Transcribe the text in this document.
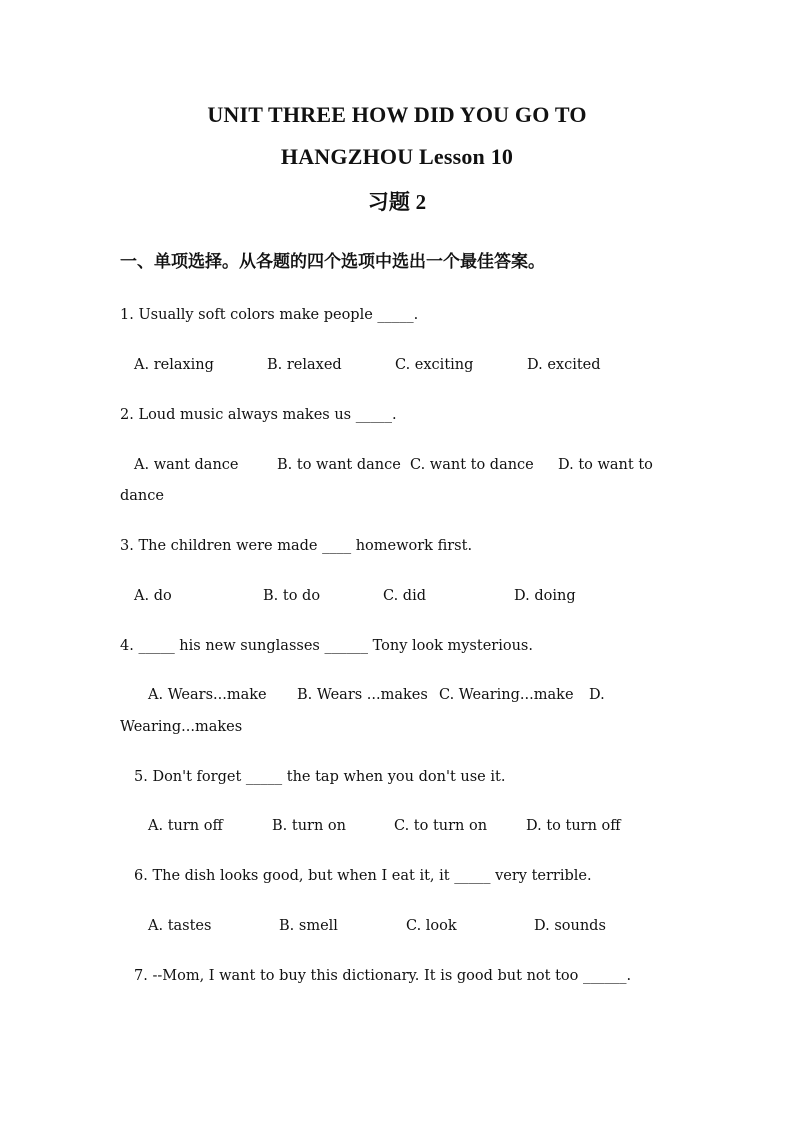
UNIT THREE HOW DID YOU GO TO
HANGZHOU Lesson 10
习题 2
一、单项选择。从各题的四个选项中选出一个最佳答案。
1. Usually soft colors make people _____.

A. relaxing

	B. relaxed

	C. exciting

	D. excited

2. Loud music always makes us _____.

A. want dance

	B. to want dance

C. want to dance

D. to want to

dance
3. The children were made ____ homework first.

A. do

	B. to do

	C. did

	D. doing

4. _____ his new sunglasses ______ Tony look mysterious.

A. Wears...make

B. Wears ...makes

C. Wearing...make

D.

Wearing...makes
5. Don't forget _____ the tap when you don't use it.

A. turn off

	B. turn on

	C. to turn on

	D. to turn off

6. The dish looks good, but when I eat it, it _____ very terrible.

A. tastes

	B. smell

	C. look

	D. sounds

7. --Mom, I want to buy this dictionary. It is good but not too ______.
